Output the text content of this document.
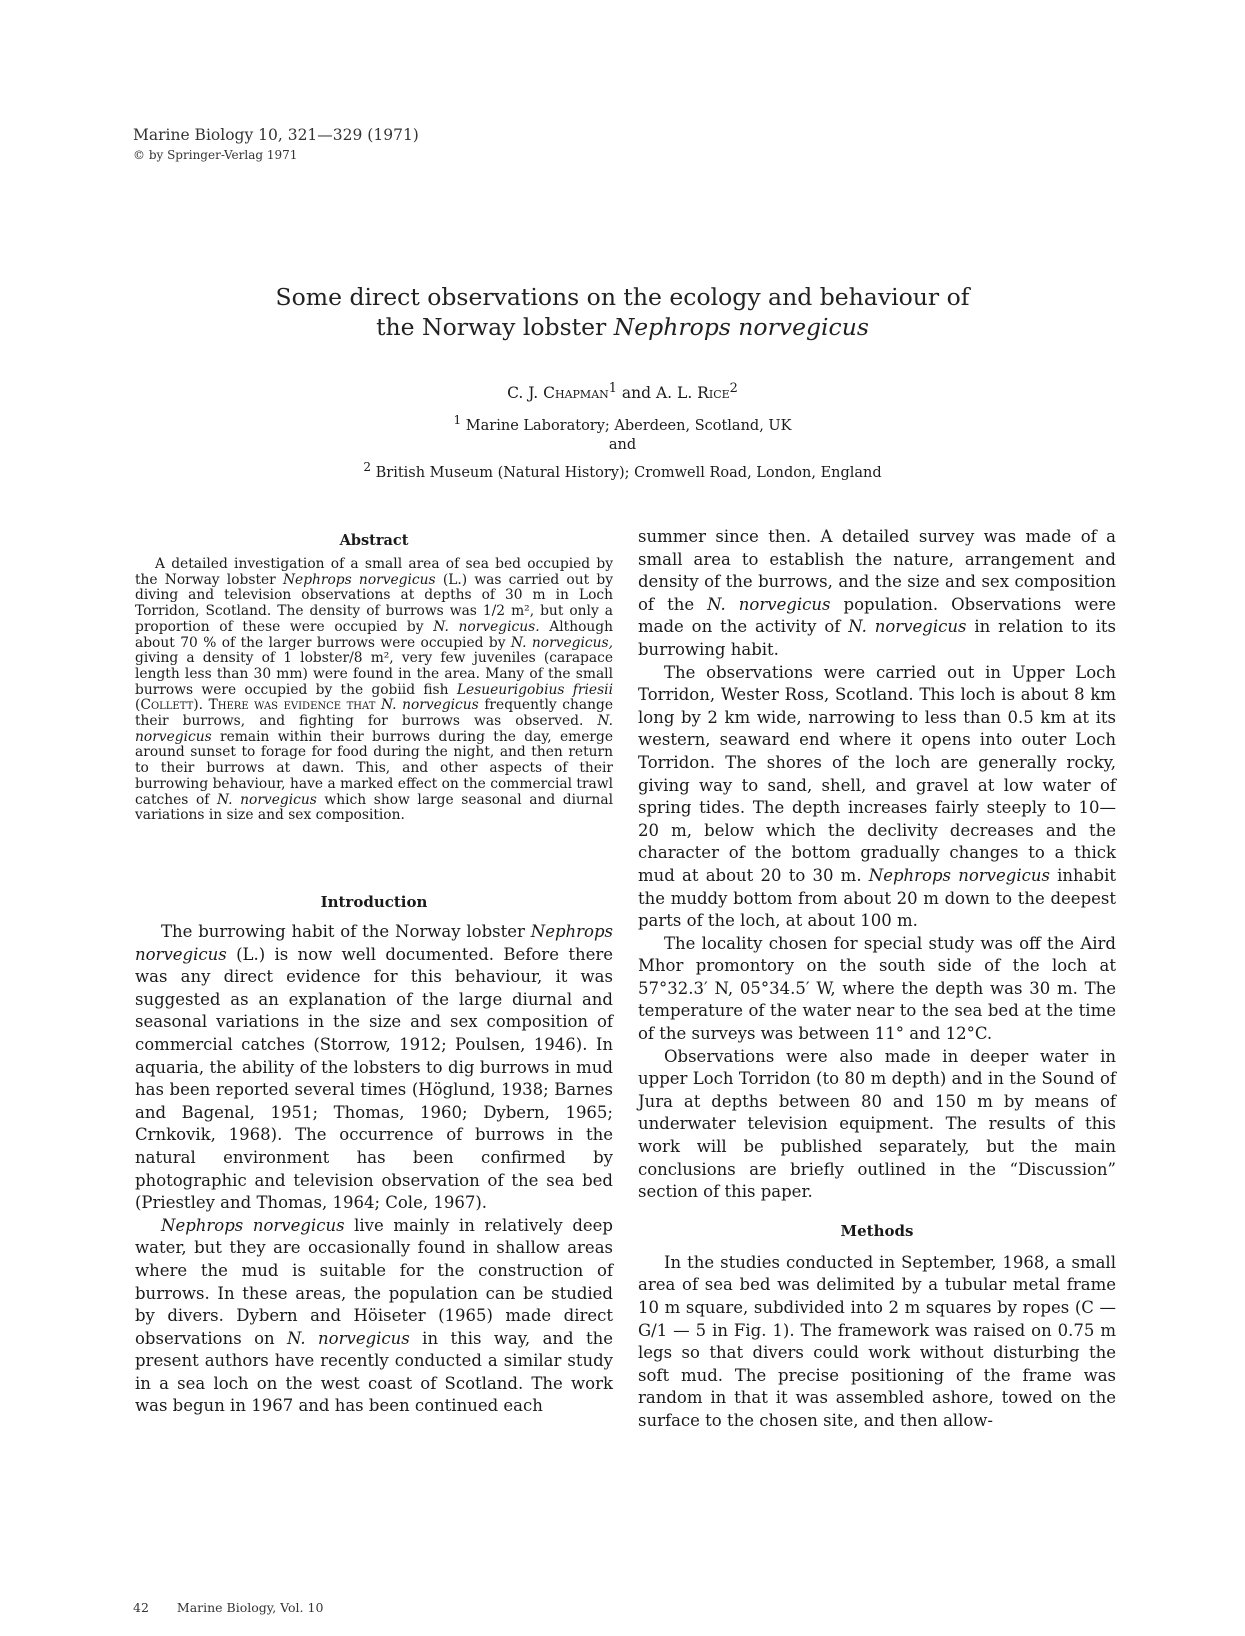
Marine Biology 10, 321—329 (1971)
© by Springer-Verlag 1971
Some direct observations on the ecology and behaviour of
the Norway lobster Nephrops norvegicus
C. J. Chapman$^1$ and A. L. Rice$^2$
$^1$ Marine Laboratory; Aberdeen, Scotland, UK
and
$^2$ British Museum (Natural History); Cromwell Road, London, England
Abstract

A detailed investigation of a small area of sea bed occupied by the Norway lobster Nephrops norvegicus (L.) was carried out by diving and television observations at depths of 30 m in Loch Torridon, Scotland. The density of burrows was 1/2 m², but only a proportion of these were occupied by N. norvegicus. Although about 70 % of the larger burrows were occupied by N. norvegicus, giving a density of 1 lobster/8 m², very few juveniles (carapace length less than 30 mm) were found in the area. Many of the small burrows were occupied by the gobiid fish Lesueurigobius friesii (Collett). There was evidence that N. norvegicus frequently change their burrows, and fighting for burrows was observed. N. norvegicus remain within their burrows during the day, emerge around sunset to forage for food during the night, and then return to their burrows at dawn. This, and other aspects of their burrowing behaviour, have a marked effect on the commercial trawl catches of N. norvegicus which show large seasonal and diurnal variations in size and sex composition.

Introduction

The burrowing habit of the Norway lobster Nephrops norvegicus (L.) is now well documented. Before there was any direct evidence for this behaviour, it was suggested as an explanation of the large diurnal and seasonal variations in the size and sex composition of commercial catches (Storrow, 1912; Poulsen, 1946). In aquaria, the ability of the lobsters to dig burrows in mud has been reported several times (Höglund, 1938; Barnes and Bagenal, 1951; Thomas, 1960; Dybern, 1965; Crnkovik, 1968). The occurrence of burrows in the natural environment has been confirmed by photographic and television observation of the sea bed (Priestley and Thomas, 1964; Cole, 1967).

Nephrops norvegicus live mainly in relatively deep water, but they are occasionally found in shallow areas where the mud is suitable for the construction of burrows. In these areas, the population can be studied by divers. Dybern and Höiseter (1965) made direct observations on N. norvegicus in this way, and the present authors have recently conducted a similar study in a sea loch on the west coast of Scotland. The work was begun in 1967 and has been continued each

summer since then. A detailed survey was made of a small area to establish the nature, arrangement and density of the burrows, and the size and sex composition of the N. norvegicus population. Observations were made on the activity of N. norvegicus in relation to its burrowing habit.

The observations were carried out in Upper Loch Torridon, Wester Ross, Scotland. This loch is about 8 km long by 2 km wide, narrowing to less than 0.5 km at its western, seaward end where it opens into outer Loch Torridon. The shores of the loch are generally rocky, giving way to sand, shell, and gravel at low water of spring tides. The depth increases fairly steeply to 10—20 m, below which the declivity decreases and the character of the bottom gradually changes to a thick mud at about 20 to 30 m. Nephrops norvegicus inhabit the muddy bottom from about 20 m down to the deepest parts of the loch, at about 100 m.

The locality chosen for special study was off the Aird Mhor promontory on the south side of the loch at 57°32.3′ N, 05°34.5′ W, where the depth was 30 m. The temperature of the water near to the sea bed at the time of the surveys was between 11° and 12°C.

Observations were also made in deeper water in upper Loch Torridon (to 80 m depth) and in the Sound of Jura at depths between 80 and 150 m by means of underwater television equipment. The results of this work will be published separately, but the main conclusions are briefly outlined in the “Discussion” section of this paper.

Methods

In the studies conducted in September, 1968, a small area of sea bed was delimited by a tubular metal frame 10 m square, subdivided into 2 m squares by ropes (C — G/1 — 5 in Fig. 1). The framework was raised on 0.75 m legs so that divers could work without disturbing the soft mud. The precise positioning of the frame was random in that it was assembled ashore, towed on the surface to the chosen site, and then allow-

42 Marine Biology, Vol. 10
